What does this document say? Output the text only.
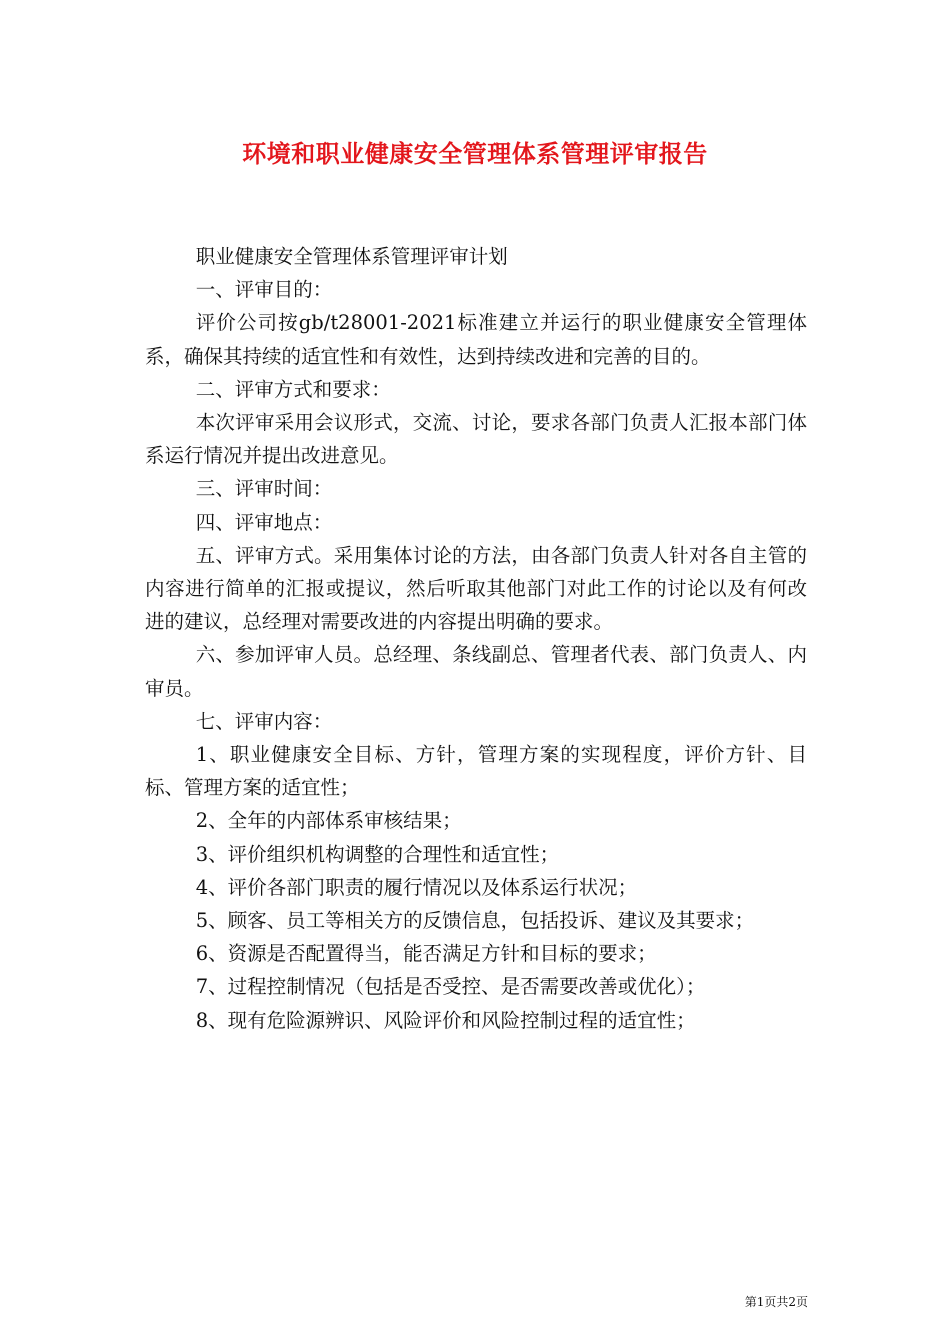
环境和职业健康安全管理体系管理评审报告

职业健康安全管理体系管理评审计划

一、评审目的：

评价公司按gb/t28001-2021标准建立并运行的职业健康安全管理体系，确保其持续的适宜性和有效性，达到持续改进和完善的目的。

二、评审方式和要求：

本次评审采用会议形式，交流、讨论，要求各部门负责人汇报本部门体系运行情况并提出改进意见。

三、评审时间：

四、评审地点：

五、评审方式。采用集体讨论的方法，由各部门负责人针对各自主管的内容进行简单的汇报或提议，然后听取其他部门对此工作的讨论以及有何改进的建议，总经理对需要改进的内容提出明确的要求。

六、参加评审人员。总经理、条线副总、管理者代表、部门负责人、内审员。

七、评审内容：

1、职业健康安全目标、方针，管理方案的实现程度，评价方针、目标、管理方案的适宜性；

2、全年的内部体系审核结果；

3、评价组织机构调整的合理性和适宜性；

4、评价各部门职责的履行情况以及体系运行状况；

5、顾客、员工等相关方的反馈信息，包括投诉、建议及其要求；

6、资源是否配置得当，能否满足方针和目标的要求；

7、过程控制情况（包括是否受控、是否需要改善或优化）；

8、现有危险源辨识、风险评价和风险控制过程的适宜性；

第1页共2页
